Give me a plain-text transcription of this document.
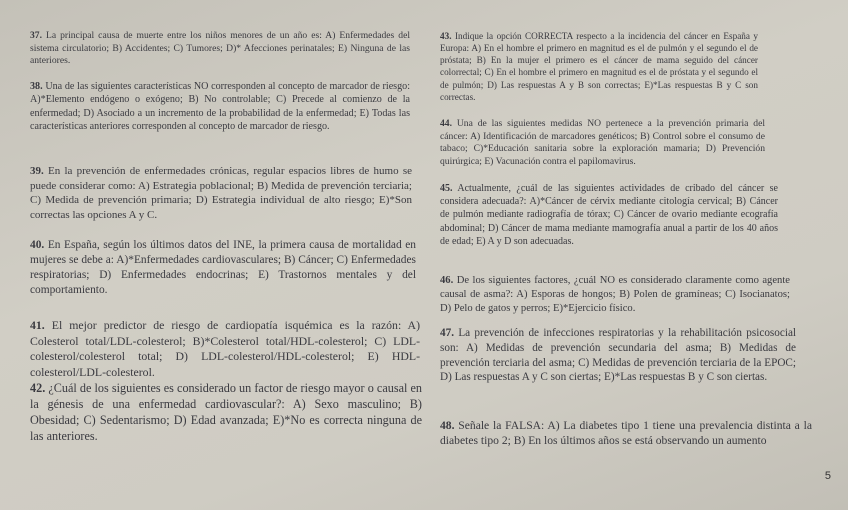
37. La principal causa de muerte entre los niños menores de un año es: A) Enfermedades del sistema circulatorio; B) Accidentes; C) Tumores; D)* Afecciones perinatales; E) Ninguna de las anteriores.
38. Una de las siguientes características NO corresponden al concepto de marcador de riesgo: A)*Elemento endógeno o exógeno; B) No controlable; C) Precede al comienzo de la enfermedad; D) Asociado a un incremento de la probabilidad de la enfermedad; E) Todas las características anteriores corresponden al concepto de marcador de riesgo.
39. En la prevención de enfermedades crónicas, regular espacios libres de humo se puede considerar como: A) Estrategia poblacional; B) Medida de prevención terciaria; C) Medida de prevención primaria; D) Estrategia individual de alto riesgo; E)*Son correctas las opciones A y C.
40. En España, según los últimos datos del INE, la primera causa de mortalidad en mujeres se debe a: A)*Enfermedades cardiovasculares; B) Cáncer; C) Enfermedades respiratorias; D) Enfermedades endocrinas; E) Trastornos mentales y del comportamiento.
41. El mejor predictor de riesgo de cardiopatía isquémica es la razón: A) Colesterol total/LDL-colesterol; B)*Colesterol total/HDL-colesterol; C) LDL-colesterol/colesterol total; D) LDL-colesterol/HDL-colesterol; E) HDL-colesterol/LDL-colesterol.
42. ¿Cuál de los siguientes es considerado un factor de riesgo mayor o causal en la génesis de una enfermedad cardiovascular?: A) Sexo masculino; B) Obesidad; C) Sedentarismo; D) Edad avanzada; E)*No es correcta ninguna de las anteriores.
43. Indique la opción CORRECTA respecto a la incidencia del cáncer en España y Europa: A) En el hombre el primero en magnitud es el de pulmón y el segundo el de próstata; B) En la mujer el primero es el cáncer de mama seguido del cáncer colorrectal; C) En el hombre el primero en magnitud es el de próstata y el segundo el de pulmón; D) Las respuestas A y B son correctas; E)*Las respuestas B y C son correctas.
44. Una de las siguientes medidas NO pertenece a la prevención primaria del cáncer: A) Identificación de marcadores genéticos; B) Control sobre el consumo de tabaco; C)*Educación sanitaria sobre la exploración mamaria; D) Prevención quirúrgica; E) Vacunación contra el papilomavirus.
45. Actualmente, ¿cuál de las siguientes actividades de cribado del cáncer se considera adecuada?: A)*Cáncer de cérvix mediante citología cervical; B) Cáncer de pulmón mediante radiografía de tórax; C) Cáncer de ovario mediante ecografía abdominal; D) Cáncer de mama mediante mamografía anual a partir de los 40 años de edad; E) A y D son adecuadas.
46. De los siguientes factores, ¿cuál NO es considerado claramente como agente causal de asma?: A) Esporas de hongos; B) Polen de gramíneas; C) Isocianatos; D) Pelo de gatos y perros; E)*Ejercicio físico.
47. La prevención de infecciones respiratorias y la rehabilitación psicosocial son: A) Medidas de prevención secundaria del asma; B) Medidas de prevención terciaria del asma; C) Medidas de prevención terciaria de la EPOC; D) Las respuestas A y C son ciertas; E)*Las respuestas B y C son ciertas.
48. Señale la FALSA: A) La diabetes tipo 1 tiene una prevalencia distinta a la diabetes tipo 2; B) En los últimos años se está observando un aumento
5
